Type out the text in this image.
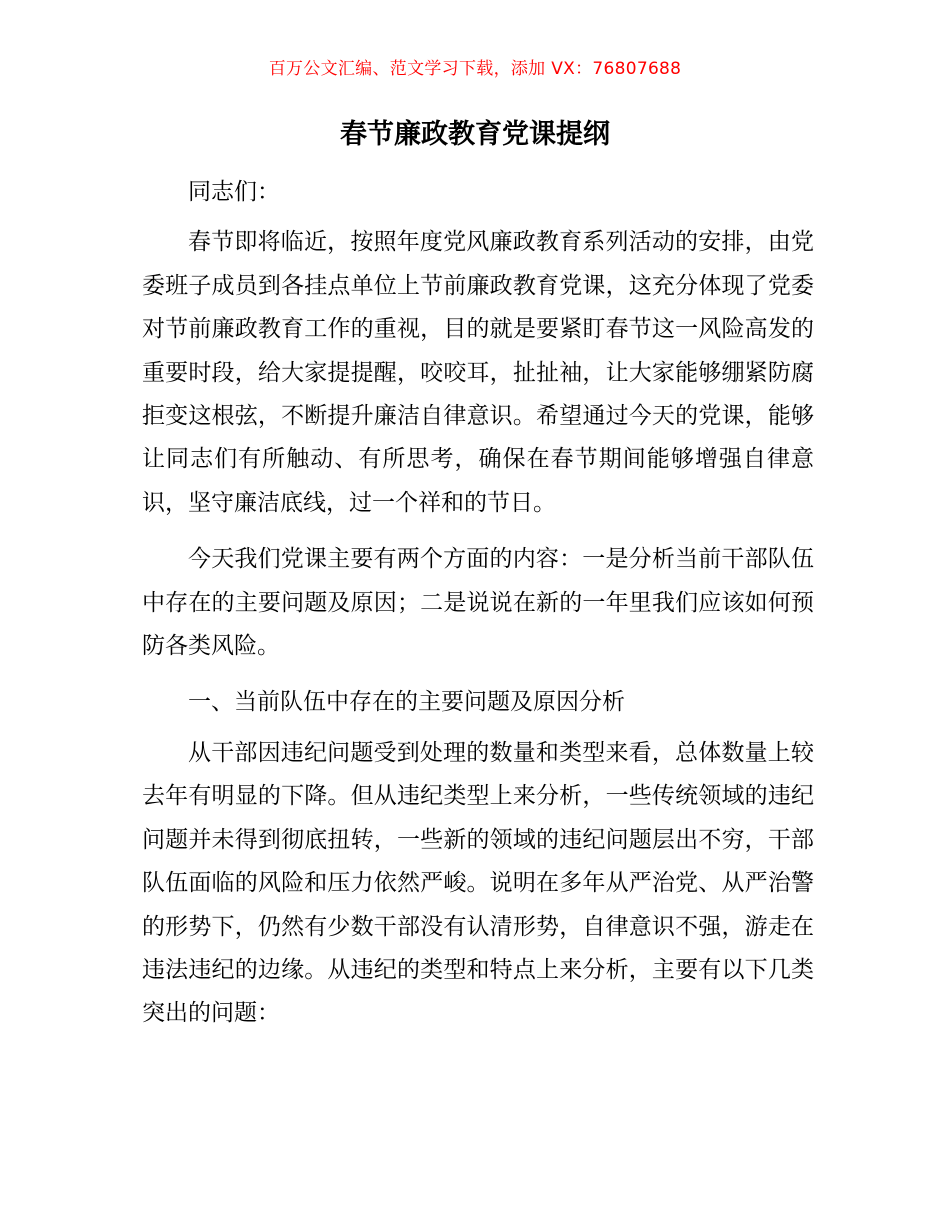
百万公文汇编、范文学习下载，添加 VX：76807688

春节廉政教育党课提纲

同志们：

春节即将临近，按照年度党风廉政教育系列活动的安排，由党委班子成员到各挂点单位上节前廉政教育党课，这充分体现了党委对节前廉政教育工作的重视，目的就是要紧盯春节这一风险高发的重要时段，给大家提提醒，咬咬耳，扯扯袖，让大家能够绷紧防腐拒变这根弦，不断提升廉洁自律意识。希望通过今天的党课，能够让同志们有所触动、有所思考，确保在春节期间能够增强自律意识，坚守廉洁底线，过一个祥和的节日。

今天我们党课主要有两个方面的内容：一是分析当前干部队伍中存在的主要问题及原因；二是说说在新的一年里我们应该如何预防各类风险。

一、当前队伍中存在的主要问题及原因分析

从干部因违纪问题受到处理的数量和类型来看，总体数量上较去年有明显的下降。但从违纪类型上来分析，一些传统领域的违纪问题并未得到彻底扭转，一些新的领域的违纪问题层出不穷，干部队伍面临的风险和压力依然严峻。说明在多年从严治党、从严治警的形势下，仍然有少数干部没有认清形势，自律意识不强，游走在违法违纪的边缘。从违纪的类型和特点上来分析，主要有以下几类突出的问题：
